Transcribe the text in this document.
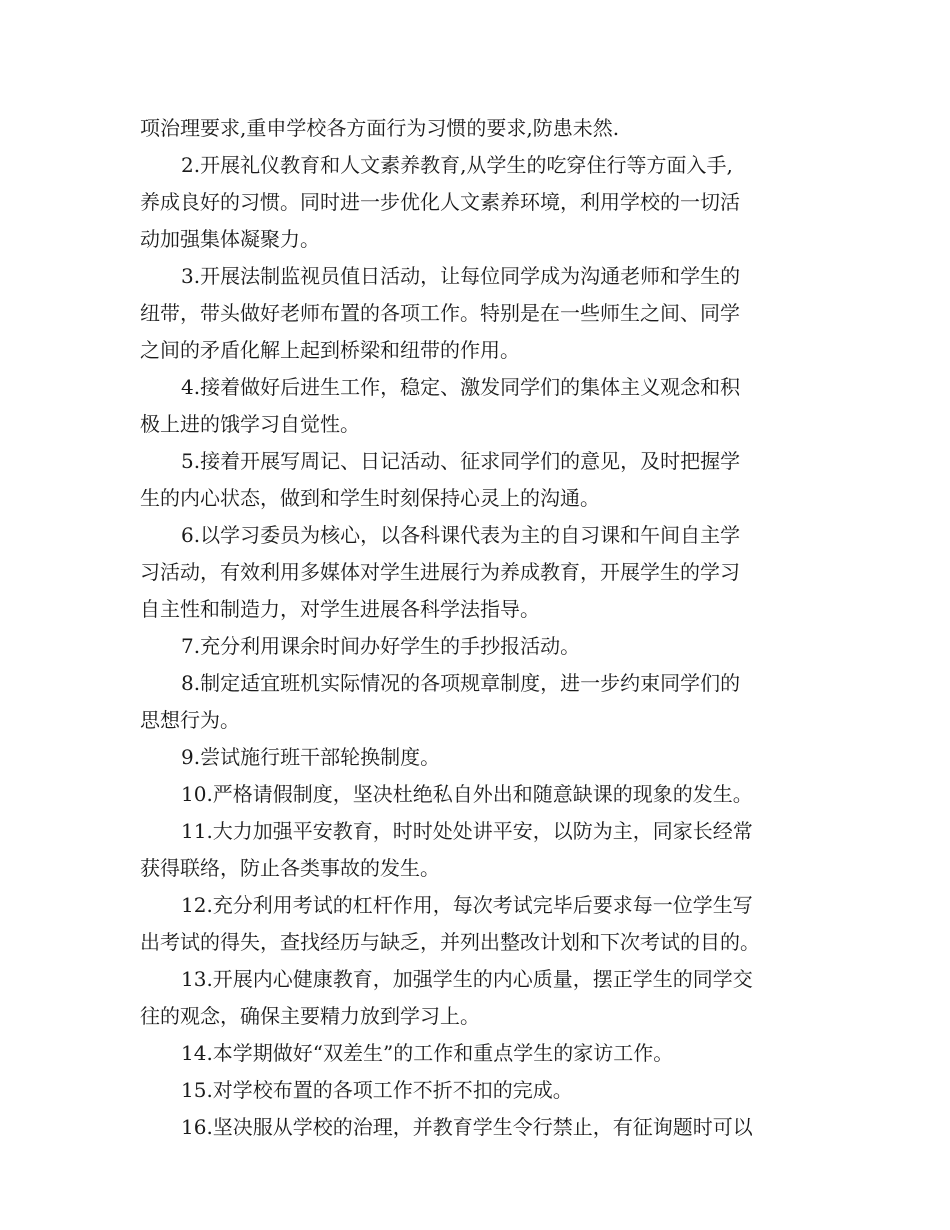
项治理要求,重申学校各方面行为习惯的要求,防患未然.
2.开展礼仪教育和人文素养教育,从学生的吃穿住行等方面入手,
养成良好的习惯。同时进一步优化人文素养环境，利用学校的一切活
动加强集体凝聚力。
3.开展法制监视员值日活动，让每位同学成为沟通老师和学生的
纽带，带头做好老师布置的各项工作。特别是在一些师生之间、同学
之间的矛盾化解上起到桥梁和纽带的作用。
4.接着做好后进生工作，稳定、激发同学们的集体主义观念和积
极上进的饿学习自觉性。
5.接着开展写周记、日记活动、征求同学们的意见，及时把握学
生的内心状态，做到和学生时刻保持心灵上的沟通。
6.以学习委员为核心，以各科课代表为主的自习课和午间自主学
习活动，有效利用多媒体对学生进展行为养成教育，开展学生的学习
自主性和制造力，对学生进展各科学法指导。
7.充分利用课余时间办好学生的手抄报活动。
8.制定适宜班机实际情况的各项规章制度，进一步约束同学们的
思想行为。
9.尝试施行班干部轮换制度。
10.严格请假制度，坚决杜绝私自外出和随意缺课的现象的发生。
11.大力加强平安教育，时时处处讲平安，以防为主，同家长经常
获得联络，防止各类事故的发生。
12.充分利用考试的杠杆作用，每次考试完毕后要求每一位学生写
出考试的得失，查找经历与缺乏，并列出整改计划和下次考试的目的。
13.开展内心健康教育，加强学生的内心质量，摆正学生的同学交
往的观念，确保主要精力放到学习上。
14.本学期做好“双差生”的工作和重点学生的家访工作。
15.对学校布置的各项工作不折不扣的完成。
16.坚决服从学校的治理，并教育学生令行禁止，有征询题时可以
